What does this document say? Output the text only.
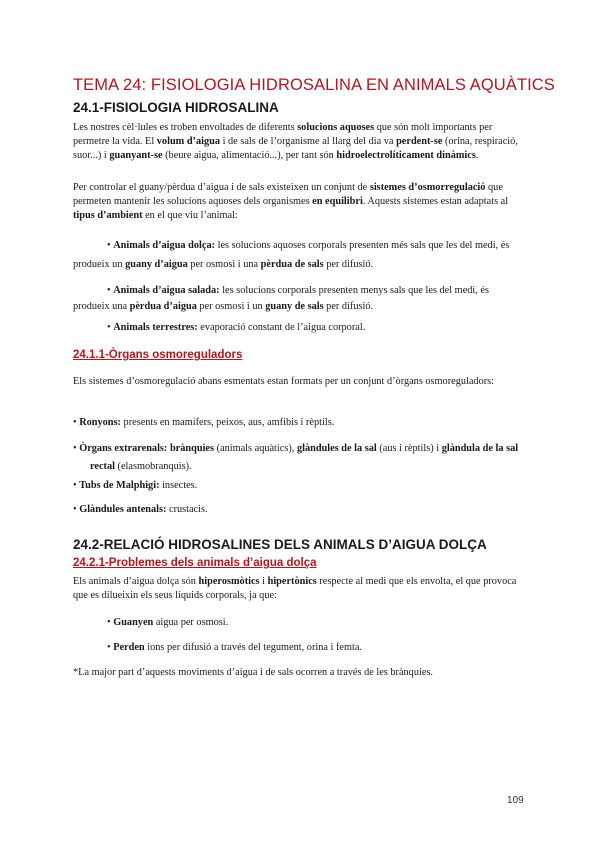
TEMA 24: FISIOLOGIA HIDROSALINA EN ANIMALS AQUÀTICS
24.1-FISIOLOGIA HIDROSALINA

Les nostres cèl·lules es troben envoltades de diferents solucions aquoses que són molt importants per permetre la vida. El volum d’aigua i de sals de l’organisme al llarg del dia va perdent-se (orina, respiració, suor...) i guanyant-se (beure aigua, alimentació...), per tant són hidroelectrolíticament dinàmics.

Per controlar el guany/pèrdua d’aigua i de sals existeixen un conjunt de sistemes d’osmorregulació que permeten mantenir les solucions aquoses dels organismes en equilibri. Aquests sistemes estan adaptats al tipus d’ambient en el que viu l’animal:

• Animals d’aigua dolça: les solucions aquoses corporals presenten més sals que les del medi, és produeix un guany d’aigua per osmosi i una pèrdua de sals per difusió.

• Animals d’aigua salada: les solucions corporals presenten menys sals que les del medi, és produeix una pèrdua d’aigua per osmosi i un guany de sals per difusió.

• Animals terrestres: evaporació constant de l’aigua corporal.

24.1.1-Òrgans osmoreguladors

Els sistemes d’osmoregulació abans esmentats estan formats per un conjunt d’òrgans osmoreguladors:

• Ronyons: presents en mamífers, peixos, aus, amfibis i rèptils.

• Òrgans extrarenals: brànquies (animals aquàtics), glàndules de la sal (aus i rèptils) i glàndula de la sal rectal (elasmobranquis).

• Tubs de Malphigi: insectes.

• Glàndules antenals: crustacis.

24.2-RELACIÓ HIDROSALINES DELS ANIMALS D’AIGUA DOLÇA
24.2.1-Problemes dels animals d’aigua dolça

Els animals d’aigua dolça són hiperosmòtics i hipertònics respecte al medi que els envolta, el que provoca que es dilueixin els seus líquids corporals, ja que:

• Guanyen aigua per osmosi.

• Perden ions per difusió a través del tegument, orina i femta.

*La major part d’aquests moviments d’aigua i de sals ocorren a través de les brànquies.

109
